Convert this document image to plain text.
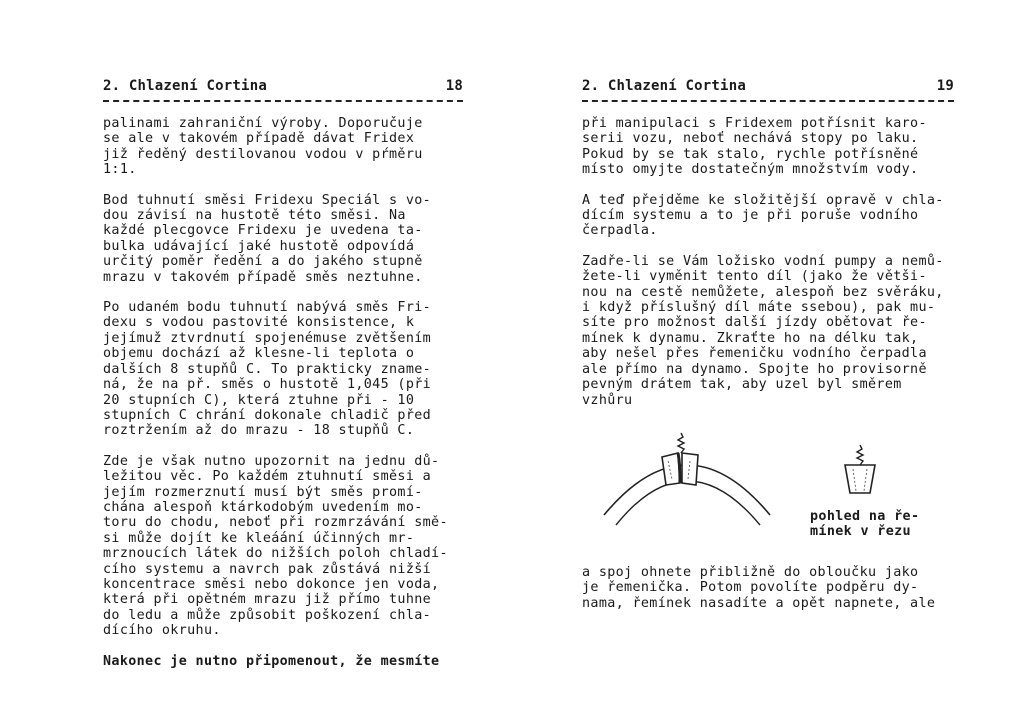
2. Chlazení Cortina	18

palinami zahraniční výroby. Doporučuje
se ale v takovém případě dávat Fridex
již ředěný destilovanou vodou v pŕměru
1:1.

Bod tuhnutí směsi Fridexu Speciál s vo-
dou závisí na hustotě této směsi. Na
každé plecgovce Fridexu je uvedena ta-
bulka udávající jaké hustotě odpovídá
určitý poměr ředění a do jakého stupně
mrazu v takovém případě směs neztuhne.

Po udaném bodu tuhnutí nabývá směs Fri-
dexu s vodou pastovité konsistence, k
jejímuž ztvrdnutí spojenémuse zvětšením
objemu dochází až klesne-li teplota o
dalších 8 stupňů C. To prakticky zname-
ná, že na př. směs o hustotě 1,045 (při
20 stupních C), která ztuhne při - 10
stupních C chrání dokonale chladič před
roztržením až do mrazu - 18 stupňů C.

Zde je však nutno upozornit na jednu dů-
ležitou věc. Po každém ztuhnutí směsi a
jejím rozmerznutí musí být směs promí-
chána alespoň ktárkodobým uvedením mo-
toru do chodu, neboť při rozmrzávání smě-
si může dojít ke kleáání účinných mr-
mrznoucích látek do nižších poloh chladí-
cího systemu a navrch pak zůstává nižší
koncentrace směsi nebo dokonce jen voda,
která při opětném mrazu již přímo tuhne
do ledu a může způsobit poškození chla-
dícího okruhu.

Nakonec je nutno připomenout, že mesmíte

2. Chlazení Cortina	19

při manipulaci s Fridexem potřísnit karo-
serii vozu, neboť nechává stopy po laku.
Pokud by se tak stalo, rychle potřísněné
místo omyjte dostatečným množstvím vody.

A teď přejděme ke složitější opravě v chla-
dícím systemu a to je při poruše vodního
čerpadla.

Zadře-li se Vám ložisko vodní pumpy a nemů-
žete-li vyměnit tento díl (jako že větši-
nou na cestě nemůžete, alespoň bez svěráku,
i když příslušný díl máte ssebou), pak mu-
síte pro možnost další jízdy obětovat ře-
mínek k dynamu. Zkraťte ho na délku tak,
aby nešel přes řemeničku vodního čerpadla
ale přímo na dynamo. Spojte ho provisorně
pevným drátem tak, aby uzel byl směrem
vzhůru

pohled na ře-
mínek v řezu

a spoj ohnete přibližně do obloučku jako
je řemenička. Potom povolíte podpěru dy-
nama, řemínek nasadíte a opět napnete, ale
